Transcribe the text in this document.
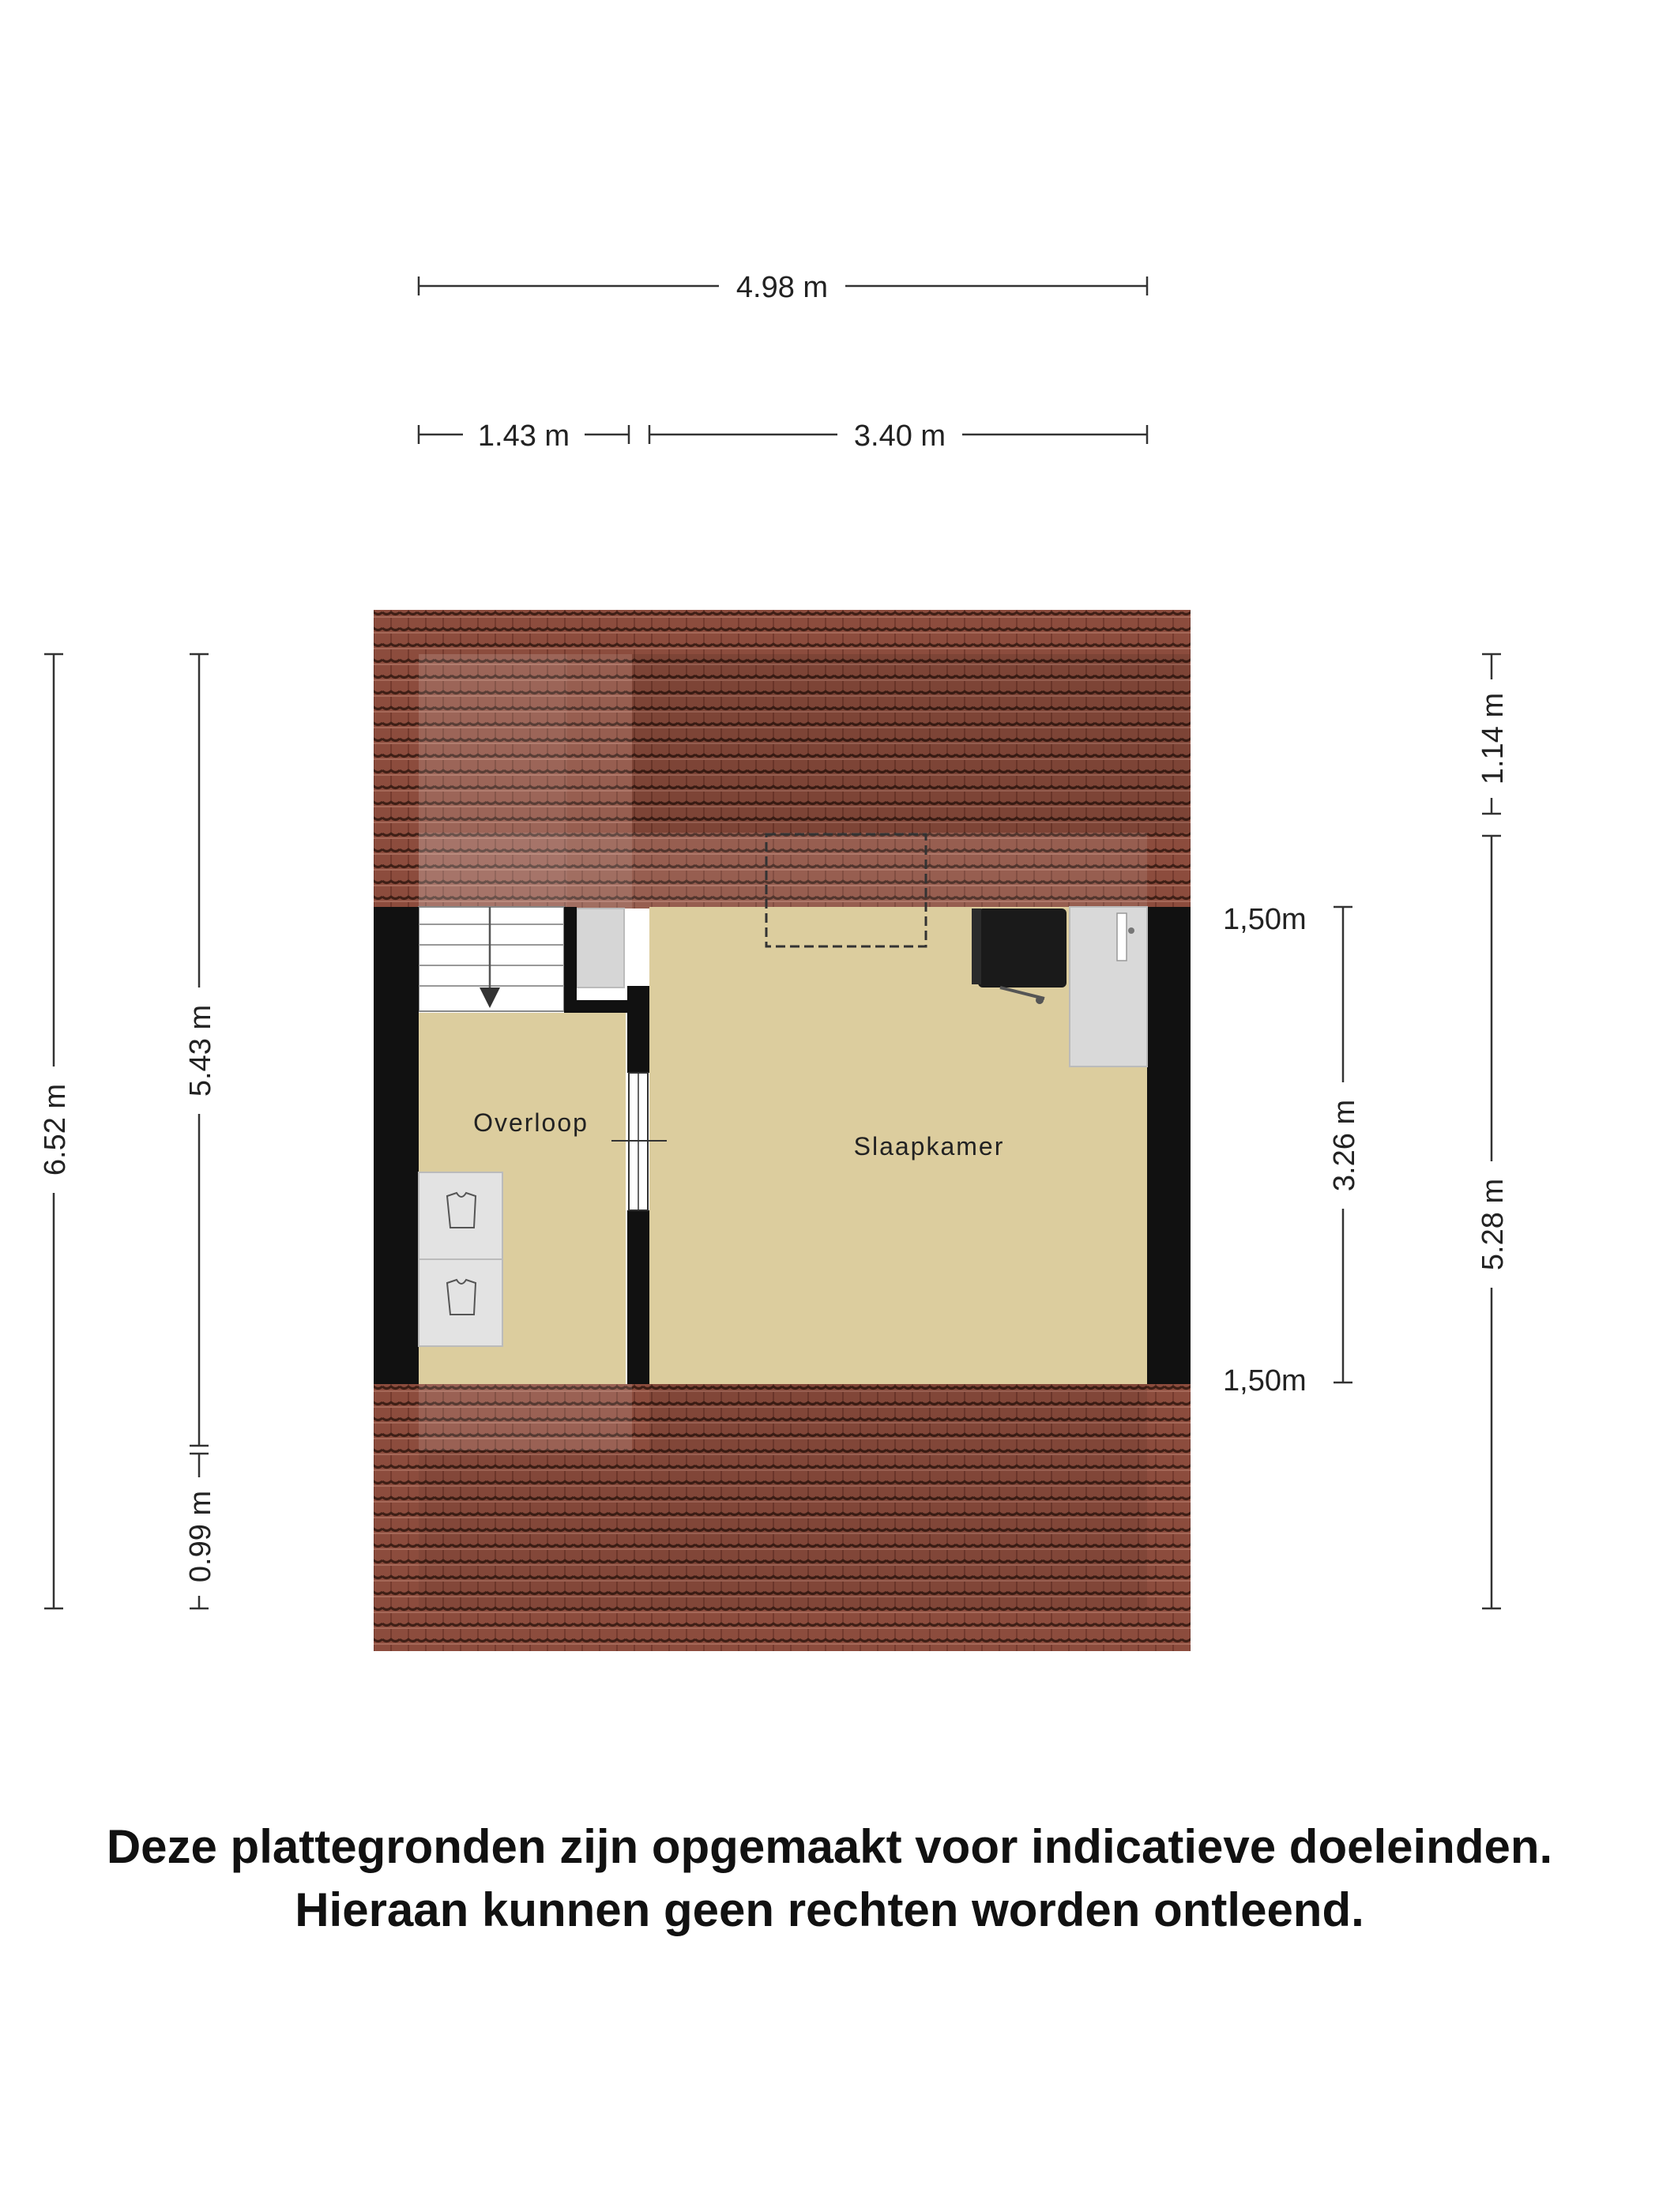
4.98 m
1.43 m	3.40 m
6.52 m
5.43 m
0.99 m
1.14 m
5.28 m
3.26 m
1,50m
1,50m
Overloop
Slaapkamer

Deze plattegronden zijn opgemaakt voor indicatieve doeleinden.

Hieraan kunnen geen rechten worden ontleend.
